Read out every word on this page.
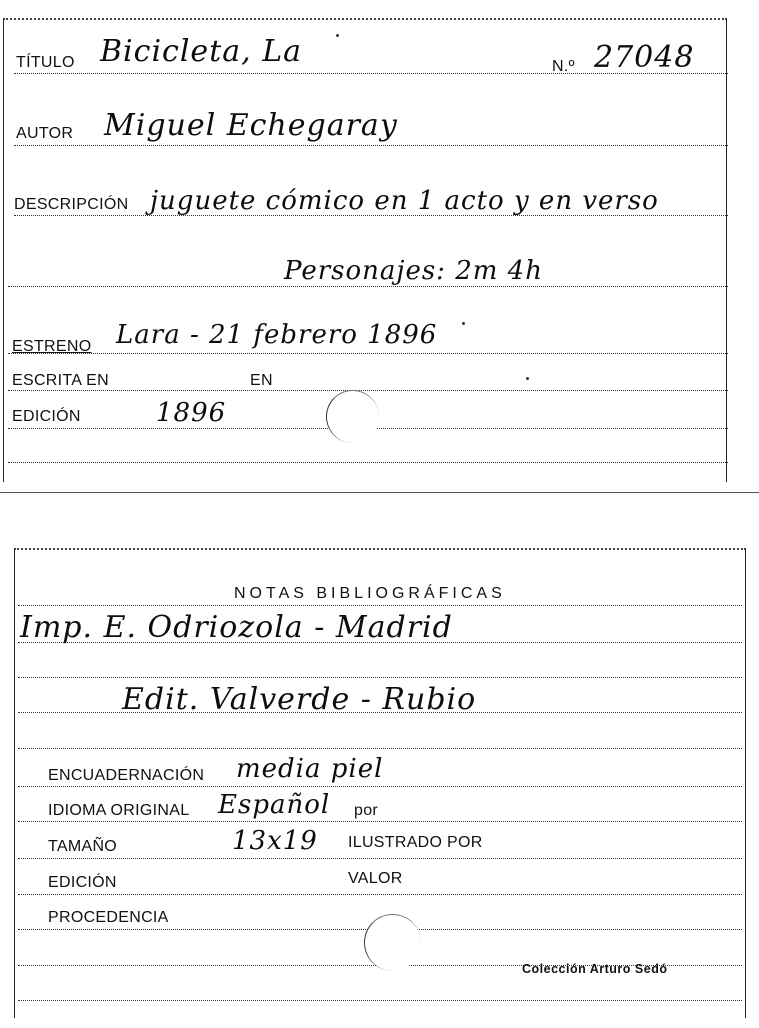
TÍTULO Bicicleta, La	N.º 27048
AUTOR Miguel Echegaray
DESCRIPCIÓN juguete cómico en 1 acto y en verso
Personajes: 2m 4h
ESTRENO Lara - 21 febrero 1896
ESCRITA EN	EN
EDICIÓN	1896
NOTAS BIBLIOGRÁFICAS
Imp. E. Odriozola - Madrid
Edit. Valverde - Rubio
ENCUADERNACIÓN media piel
IDIOMA ORIGINAL Español por
TAMAÑO	13x19 ILUSTRADO POR
EDICIÓN	VALOR
PROCEDENCIA
Colección Arturo Sedó
